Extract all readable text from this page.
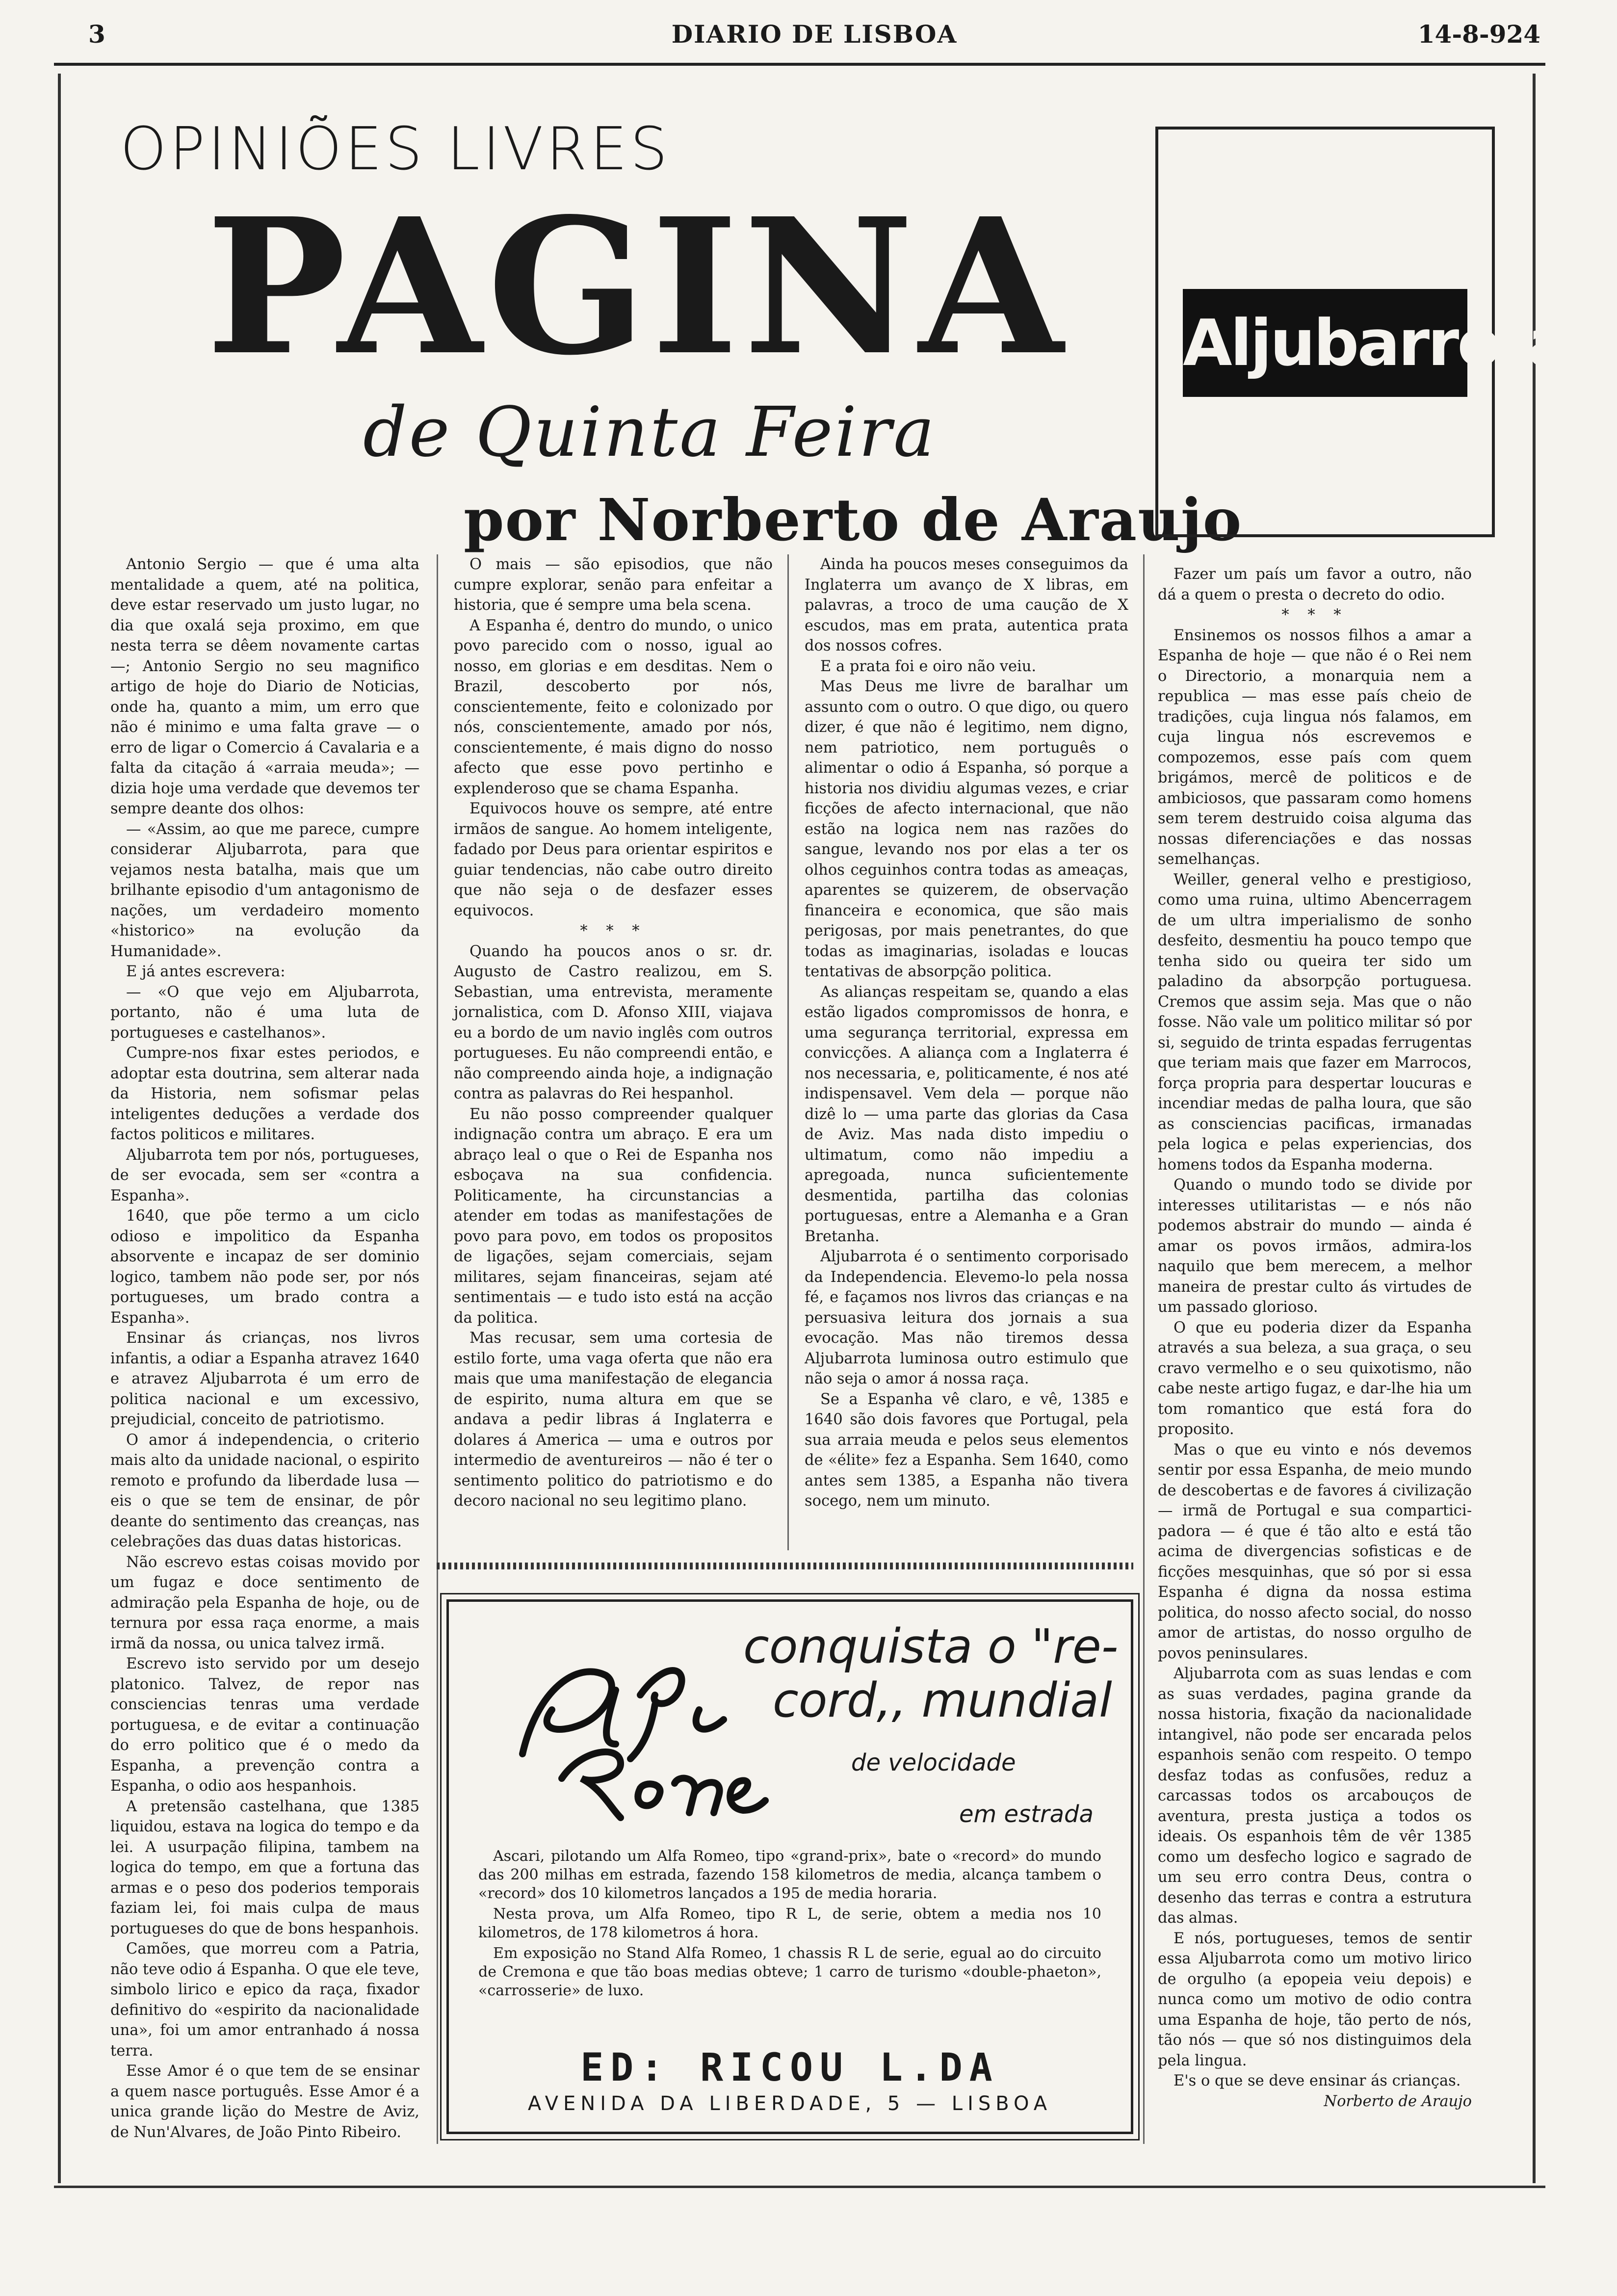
3	DIARIO DE LISBOA	14-8-924
OPINIÕES LIVRES
PAGINA
de Quinta Feira
por Norberto de Araujo
Aljubarrota

Antonio Sergio — que é uma alta mentalidade a quem, até na politica, deve estar reservado um justo lugar, no dia que oxalá seja proximo, em que nesta terra se dêem novamente cartas —; Antonio Sergio no seu magnifico artigo de hoje do Diario de Noticias, onde ha, quanto a mim, um erro que não é minimo e uma falta grave — o erro de ligar o Comercio á Cavalaria e a falta da citação á «arraia meuda»; — dizia hoje uma verdade que devemos ter sempre deante dos olhos:

— «Assim, ao que me parece, cumpre considerar Aljubarrota, para que vejamos nesta batalha, mais que um brilhante episodio d'um antagonismo de nações, um verdadeiro momento «historico» na evolução da Humanidade».

E já antes escrevera:

— «O que vejo em Aljubarrota, portanto, não é uma luta de portugueses e castelhanos».

Cumpre-nos fixar estes periodos, e adoptar esta doutrina, sem alterar nada da Historia, nem sofismar pelas inteligentes deduções a verdade dos factos politicos e militares.

Aljubarrota tem por nós, portugueses, de ser evocada, sem ser «contra a Espanha».

1640, que põe termo a um ciclo odioso e impolitico da Espanha absorvente e incapaz de ser dominio logico, tambem não pode ser, por nós portugueses, um brado contra a Espanha».

Ensinar ás crianças, nos livros infantis, a odiar a Espanha atravez 1640 e atravez Aljubarrota é um erro de politica nacional e um excessivo, prejudicial, conceito de patriotismo.

O amor á independencia, o criterio mais alto da unidade nacional, o espirito remoto e profundo da liberdade lusa — eis o que se tem de ensinar, de pôr deante do sentimento das creanças, nas celebrações das duas datas historicas.

Não escrevo estas coisas movido por um fugaz e doce sentimento de admiração pela Espanha de hoje, ou de ternura por essa raça enorme, a mais irmã da nossa, ou unica talvez irmã.

Escrevo isto servido por um desejo platonico. Talvez, de repor nas consciencias tenras uma verdade portuguesa, e de evitar a continuação do erro politico que é o medo da Espanha, a prevenção contra a Espanha, o odio aos hespanhois.

A pretensão castelhana, que 1385 liquidou, estava na logica do tempo e da lei. A usurpação filipina, tambem na logica do tempo, em que a fortuna das armas e o peso dos poderios temporais faziam lei, foi mais culpa de maus portugueses do que de bons hespanhois.

Camões, que morreu com a Patria, não teve odio á Espanha. O que ele teve, simbolo lirico e epico da raça, fixador definitivo do «espirito da nacionalidade una», foi um amor entranhado á nossa terra.

Esse Amor é o que tem de se ensinar a quem nasce português. Esse Amor é a unica grande lição do Mestre de Aviz, de Nun'Alvares, de João Pinto Ribeiro.

O mais — são episodios, que não cumpre explorar, senão para enfeitar a historia, que é sempre uma bela scena.

A Espanha é, dentro do mundo, o unico povo parecido com o nosso, igual ao nosso, em glorias e em desditas. Nem o Brazil, descoberto por nós, conscientemente, feito e colonizado por nós, conscientemente, amado por nós, conscientemente, é mais digno do nosso afecto que esse povo pertinho e explenderoso que se chama Espanha.

Equivocos houve os sempre, até entre irmãos de sangue. Ao homem inteligente, fadado por Deus para orientar espiritos e guiar tendencias, não cabe outro direito que não seja o de desfazer esses equivocos.

* * *

Quando ha poucos anos o sr. dr. Augusto de Castro realizou, em S. Sebastian, uma entrevista, meramente jornalistica, com D. Afonso XIII, viajava eu a bordo de um navio inglês com outros portugueses. Eu não compreendi então, e não compreendo ainda hoje, a indignação contra as palavras do Rei hespanhol.

Eu não posso compreender qualquer indignação contra um abraço. E era um abraço leal o que o Rei de Espanha nos esboçava na sua confidencia. Politicamente, ha circunstancias a atender em todas as manifestações de povo para povo, em todos os propositos de ligações, sejam comerciais, sejam militares, sejam financeiras, sejam até sentimentais — e tudo isto está na acção da politica.

Mas recusar, sem uma cortesia de estilo forte, uma vaga oferta que não era mais que uma manifestação de elegancia de espirito, numa altura em que se andava a pedir libras á Inglaterra e dolares á America — uma e outros por intermedio de aventureiros — não é ter o sentimento politico do patriotismo e do decoro nacional no seu legitimo plano.

Ainda ha poucos meses conseguimos da Inglaterra um avanço de X libras, em palavras, a troco de uma caução de X escudos, mas em prata, autentica prata dos nossos cofres.

E a prata foi e oiro não veiu.

Mas Deus me livre de baralhar um assunto com o outro. O que digo, ou quero dizer, é que não é legitimo, nem digno, nem patriotico, nem português o alimentar o odio á Espanha, só porque a historia nos dividiu algumas vezes, e criar ficções de afecto internacional, que não estão na logica nem nas razões do sangue, levando nos por elas a ter os olhos ceguinhos contra todas as ameaças, aparentes se quizerem, de observação financeira e economica, que são mais perigosas, por mais penetrantes, do que todas as imaginarias, isoladas e loucas tentativas de absorpção politica.

As alianças respeitam se, quando a elas estão ligados compromissos de honra, e uma segurança territorial, expressa em convicções. A aliança com a Inglaterra é nos necessaria, e, politicamente, é nos até indispensavel. Vem dela — porque não dizê lo — uma parte das glorias da Casa de Aviz. Mas nada disto impediu o ultimatum, como não impediu a apregoada, nunca suficientemente desmentida, partilha das colonias portuguesas, entre a Alemanha e a Gran Bretanha.

Aljubarrota é o sentimento corporisado da Independencia. Elevemo-lo pela nossa fé, e façamos nos livros das crianças e na persuasiva leitura dos jornais a sua evocação. Mas não tiremos dessa Aljubarrota luminosa outro estimulo que não seja o amor á nossa raça.

Se a Espanha vê claro, e vê, 1385 e 1640 são dois favores que Portugal, pela sua arraia meuda e pelos seus elementos de «élite» fez a Espanha. Sem 1640, como antes sem 1385, a Espanha não tivera socego, nem um minuto.

Fazer um país um favor a outro, não dá a quem o presta o decreto do odio.

* * *

Ensinemos os nossos filhos a amar a Espanha de hoje — que não é o Rei nem o Directorio, a monarquia nem a republica — mas esse país cheio de tradições, cuja lingua nós falamos, em cuja lingua nós escrevemos e compozemos, esse país com quem brigámos, mercê de politicos e de ambiciosos, que passaram como homens sem terem destruido coisa alguma das nossas diferenciações e das nossas semelhanças.

Weiller, general velho e prestigioso, como uma ruina, ultimo Abencerragem de um ultra imperialismo de sonho desfeito, desmentiu ha pouco tempo que tenha sido ou queira ter sido um paladino da absorpção portuguesa. Cremos que assim seja. Mas que o não fosse. Não vale um politico militar só por si, seguido de trinta espadas ferrugentas que teriam mais que fazer em Marrocos, força propria para despertar loucuras e incendiar medas de palha loura, que são as consciencias pacificas, irmanadas pela logica e pelas experiencias, dos homens todos da Espanha moderna.

Quando o mundo todo se divide por interesses utilitaristas — e nós não podemos abstrair do mundo — ainda é amar os povos irmãos, admira-los naquilo que bem merecem, a melhor maneira de prestar culto ás virtudes de um passado glorioso.

O que eu poderia dizer da Espanha através a sua beleza, a sua graça, o seu cravo vermelho e o seu quixotismo, não cabe neste artigo fugaz, e dar-lhe hia um tom romantico que está fora do proposito.

Mas o que eu vinto e nós devemos sentir por essa Espanha, de meio mundo de descobertas e de favores á civilização — irmã de Portugal e sua comparticipadora — é que é tão alto e está tão acima de divergencias sofisticas e de ficções mesquinhas, que só por si essa Espanha é digna da nossa estima politica, do nosso afecto social, do nosso amor de artistas, do nosso orgulho de povos peninsulares.

Aljubarrota com as suas lendas e com as suas verdades, pagina grande da nossa historia, fixação da nacionalidade intangivel, não pode ser encarada pelos espanhois senão com respeito. O tempo desfaz todas as confusões, reduz a carcassas todos os arcabouços de aventura, presta justiça a todos os ideais. Os espanhois têm de vêr 1385 como um desfecho logico e sagrado de um seu erro contra Deus, contra o desenho das terras e contra a estrutura das almas.

E nós, portugueses, temos de sentir essa Aljubarrota como um motivo lirico de orgulho (a epopeia veiu depois) e nunca como um motivo de odio contra uma Espanha de hoje, tão perto de nós, tão nós — que só nos distinguimos dela pela lingua.

E's o que se deve ensinar ás crianças.

Norberto de Araujo

conquista o "re-
cord,, mundial
de velocidade
em estrada

Ascari, pilotando um Alfa Romeo, tipo «grand-prix», bate o «record» do mundo das 200 milhas em estrada, fazendo 158 kilometros de media, alcança tambem o «record» dos 10 kilometros lançados a 195 de media horaria.

Nesta prova, um Alfa Romeo, tipo R L, de serie, obtem a media nos 10 kilometros, de 178 kilometros á hora.

Em exposição no Stand Alfa Romeo, 1 chassis R L de serie, egual ao do circuito de Cremona e que tão boas medias obteve; 1 carro de turismo «double-phaeton», «carrosserie» de luxo.

ED: RICOU L.DA
AVENIDA DA LIBERDADE, 5 — LISBOA
